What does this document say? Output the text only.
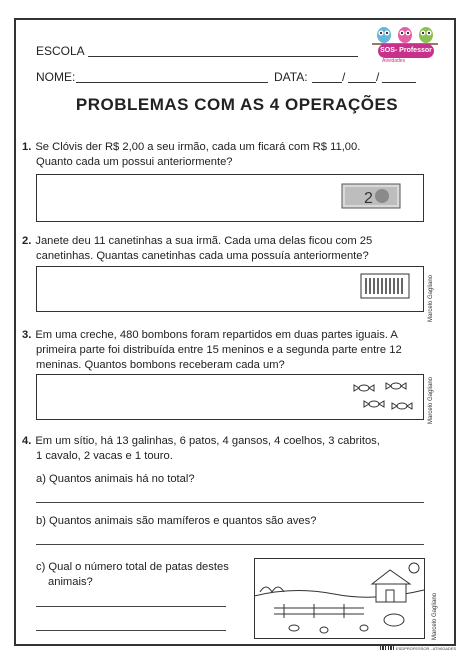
ESCOLA
NOME:	DATA:	/	/
SOS- Professor
Atividades
PROBLEMAS COM AS 4 OPERAÇÕES
1. Se Clóvis der R$ 2,00 a seu irmão, cada um ficará com R$ 11,00.
Quanto cada um possui anteriormente?
2
2. Janete deu 11 canetinhas a sua irmã. Cada uma delas ficou com 25
canetinhas. Quantas canetinhas cada uma possuía anteriormente?
Marcelo Gagliano
3. Em uma creche, 480 bombons foram repartidos em duas partes iguais. A
primeira parte foi distribuída entre 15 meninos e a segunda parte entre 12
meninas. Quantos bombons receberam cada um?
Marcelo Gagliano
4. Em um sítio, há 13 galinhas, 6 patos, 4 gansos, 4 coelhos, 3 cabritos,
1 cavalo, 2 vacas e 1 touro.
a) Quantos animais há no total?
b) Quantos animais são mamíferos e quantos são aves?
c) Qual o número total de patas destes
animais?
Marcelo Gagliano
ESDPROFESSOR - ATIVIDADES
